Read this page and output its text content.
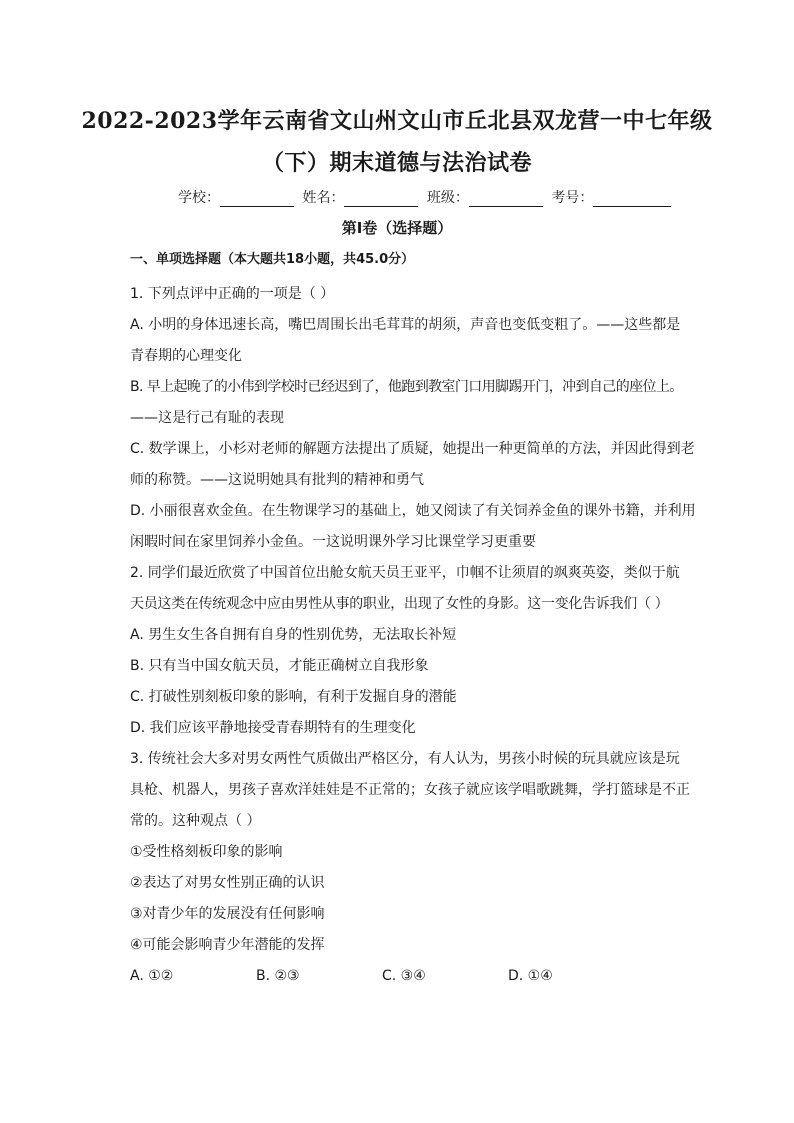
2022-2023学年云南省文山州文山市丘北县双龙营一中七年级
（下）期末道德与法治试卷
学校：	姓名：	班级：	考号：
第Ⅰ卷（选择题）
一、单项选择题（本大题共18小题，共45.0分）

1. 下列点评中正确的一项是（ ）

A. 小明的身体迅速长高，嘴巴周围长出毛茸茸的胡须，声音也变低变粗了。——这些都是

青春期的心理变化

B. 早上起晚了的小伟到学校时已经迟到了，他跑到教室门口用脚踢开门，冲到自己的座位上。

——这是行己有耻的表现

C. 数学课上，小杉对老师的解题方法提出了质疑，她提出一种更简单的方法，并因此得到老

师的称赞。——这说明她具有批判的精神和勇气

D. 小丽很喜欢金鱼。在生物课学习的基础上，她又阅读了有关饲养金鱼的课外书籍，并利用

闲暇时间在家里饲养小金鱼。一这说明课外学习比课堂学习更重要

2. 同学们最近欣赏了中国首位出舱女航天员王亚平，巾帼不让须眉的飒爽英姿，类似于航

天员这类在传统观念中应由男性从事的职业，出现了女性的身影。这一变化告诉我们（ ）

A. 男生女生各自拥有自身的性别优势，无法取长补短

B. 只有当中国女航天员，才能正确树立自我形象

C. 打破性别刻板印象的影响，有利于发掘自身的潜能

D. 我们应该平静地接受青春期特有的生理变化

3. 传统社会大多对男女两性气质做出严格区分，有人认为，男孩小时候的玩具就应该是玩

具枪、机器人，男孩子喜欢洋娃娃是不正常的；女孩子就应该学唱歌跳舞，学打篮球是不正

常的。这种观点（ ）

①受性格刻板印象的影响

②表达了对男女性别正确的认识

③对青少年的发展没有任何影响

④可能会影响青少年潜能的发挥

A. ①②	B. ②③	C. ③④	D. ①④
